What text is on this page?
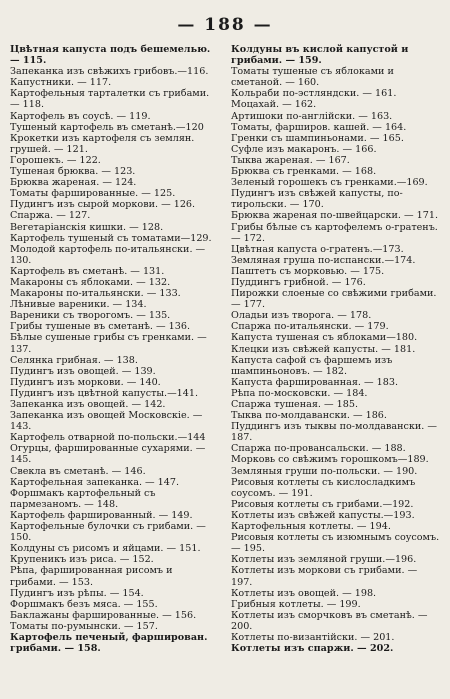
— 188 —
Цвѣтная капуста подъ бешемелью. — 115.
Запеканка изъ свѣжихъ грибовъ.—116.
Капустники. — 117.
Картофельныя тарталетки съ грибами. — 118.
Картофель въ соусѣ. — 119.
Тушеный картофель въ сметанѣ.—120
Крокетки изъ картофеля съ землян. грушей. — 121.
Горошекъ. — 122.
Тушеная брюква. — 123.
Брюква жареная. — 124.
Томаты фаршированные. — 125.
Пудингъ изъ сырой моркови. — 126.
Спаржа. — 127.
Вегетаріанскія кишки. — 128.
Картофель тушеный съ томатами—129.
Молодой картофель по-итальянски. — 130.
Картофель въ сметанѣ. — 131.
Макароны съ яблоками. — 132.
Макароны по-итальянски. — 133.
Лѣнивые вареники. — 134.
Вареники съ творогомъ. — 135.
Грибы тушеные въ сметанѣ. — 136.
Бѣлые сушеные грибы съ гренками. — 137.
Селянка грибная. — 138.
Пудингъ изъ овощей. — 139.
Пудингъ изъ моркови. — 140.
Пудингъ изъ цвѣтной капусты.—141.
Запеканка изъ овощей. — 142.
Запеканка изъ овощей Московскіе. — 143.
Картофель отварной по-польски.—144
Огурцы, фаршированные сухарями. — 145.
Свекла въ сметанѣ. — 146.
Картофельная запеканка. — 147.
Форшмакъ картофельный съ пармезаномъ. — 148.
Картофель фаршированный. — 149.
Картофельные булочки съ грибами. — 150.
Колдуны съ рисомъ и яйцами. — 151.
Крупеникъ изъ риса. — 152.
Рѣпа, фаршированная рисомъ и грибами. — 153.
Пудингъ изъ рѣпы. — 154.
Форшмакъ безъ мяса. — 155.
Баклажаны фаршированные. — 156.
Томаты по-румынски. — 157.
Картофель печеный, фарширован. грибами. — 158.
Колдуны въ кислой капустой и грибами. — 159.
Томаты тушеные съ яблоками и сметаной. — 160.
Кольраби по-эстляндски. — 161.
Моцахай. — 162.
Артишоки по-англійски. — 163.
Томаты, фарширов. кашей. — 164.
Гренки съ шампиньонами. — 165.
Суфле изъ макаронъ. — 166.
Тыква жареная. — 167.
Брюква съ гренками. — 168.
Зеленый горошекъ съ гренками.—169.
Пудингъ изъ свѣжей капусты, по-тирольски. — 170.
Брюква жареная по-швейцарски. — 171.
Грибы бѣлые съ картофелемъ о-гратенъ. — 172.
Цвѣтная капуста о-гратенъ.—173.
Земляная груша по-испански.—174.
Паштетъ съ морковью. — 175.
Пуддингъ грибной. — 176.
Пирожки слоеные со свѣжими грибами. — 177.
Оладьи изъ творога. — 178.
Спаржа по-итальянски. — 179.
Капуста тушеная съ яблоками—180.
Клецки изъ свѣжей капусты. — 181.
Капуста сафой съ фаршемъ изъ шампиньоновъ. — 182.
Капуста фаршированная. — 183.
Рѣпа по-московски. — 184.
Спаржа тушеная. — 185.
Тыква по-молдавански. — 186.
Пуддингъ изъ тыквы по-молдавански. — 187.
Спаржа по-провансальски. — 188.
Морковь со свѣжимъ горошкомъ—189.
Земляныя груши по-польски. — 190.
Рисовыя котлеты съ кислосладкимъ соусомъ. — 191.
Рисовыя котлеты съ грибами.—192.
Котлеты изъ свѣжей капусты.—193.
Картофельныя котлеты. — 194.
Рисовыя котлеты съ изюмнымъ соусомъ. — 195.
Котлеты изъ земляной груши.—196.
Котлеты изъ моркови съ грибами. — 197.
Котлеты изъ овощей. — 198.
Грибныя котлеты. — 199.
Котлеты изъ сморчковъ въ сметанѣ. — 200.
Котлеты по-византійски. — 201.
Котлеты изъ спаржи. — 202.
